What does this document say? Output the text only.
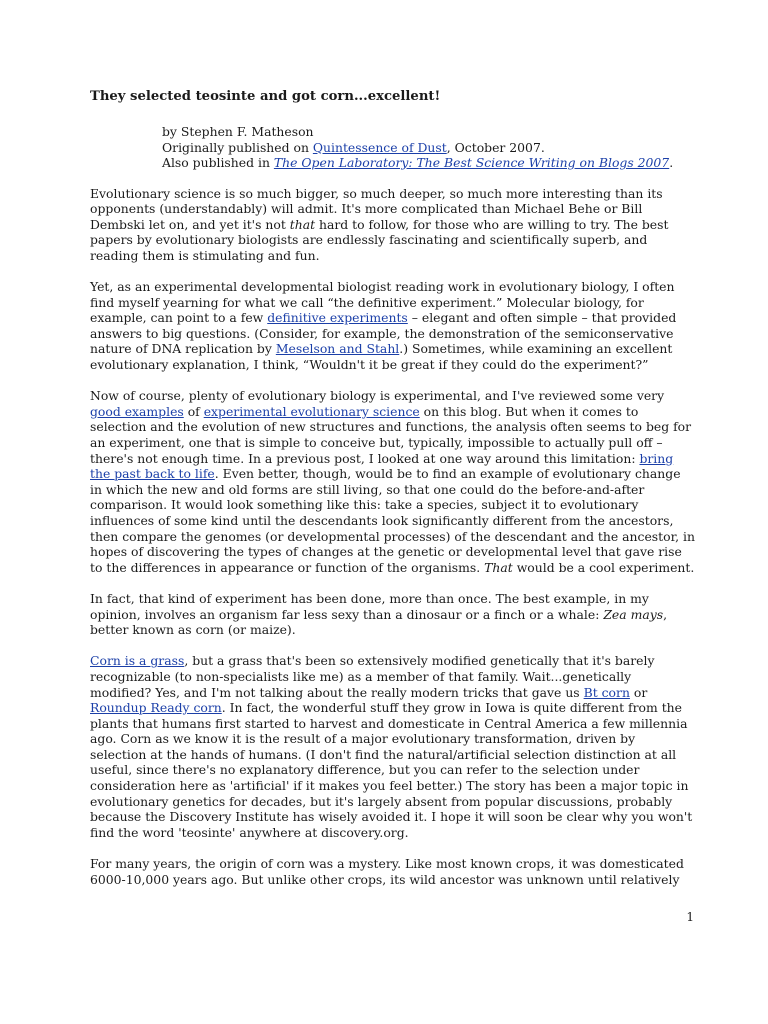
They selected teosinte and got corn...excellent!
by Stephen F. Matheson
Originally published on Quintessence of Dust, October 2007.
Also published in The Open Laboratory: The Best Science Writing on Blogs 2007.

Evolutionary science is so much bigger, so much deeper, so much more interesting than its opponents (understandably) will admit. It's more complicated than Michael Behe or Bill Dembski let on, and yet it's not that hard to follow, for those who are willing to try. The best papers by evolutionary biologists are endlessly fascinating and scientifically superb, and reading them is stimulating and fun.

Yet, as an experimental developmental biologist reading work in evolutionary biology, I often find myself yearning for what we call “the definitive experiment.” Molecular biology, for example, can point to a few definitive experiments – elegant and often simple – that provided answers to big questions. (Consider, for example, the demonstration of the semiconservative nature of DNA replication by Meselson and Stahl.) Sometimes, while examining an excellent evolutionary explanation, I think, “Wouldn't it be great if they could do the experiment?”

Now of course, plenty of evolutionary biology is experimental, and I've reviewed some very good examples of experimental evolutionary science on this blog. But when it comes to selection and the evolution of new structures and functions, the analysis often seems to beg for an experiment, one that is simple to conceive but, typically, impossible to actually pull off – there's not enough time. In a previous post, I looked at one way around this limitation: bring the past back to life. Even better, though, would be to find an example of evolutionary change in which the new and old forms are still living, so that one could do the before-and-after comparison. It would look something like this: take a species, subject it to evolutionary influences of some kind until the descendants look significantly different from the ancestors, then compare the genomes (or developmental processes) of the descendant and the ancestor, in hopes of discovering the types of changes at the genetic or developmental level that gave rise to the differences in appearance or function of the organisms. That would be a cool experiment.

In fact, that kind of experiment has been done, more than once. The best example, in my opinion, involves an organism far less sexy than a dinosaur or a finch or a whale: Zea mays, better known as corn (or maize).

Corn is a grass, but a grass that's been so extensively modified genetically that it's barely recognizable (to non-specialists like me) as a member of that family. Wait...genetically modified? Yes, and I'm not talking about the really modern tricks that gave us Bt corn or Roundup Ready corn. In fact, the wonderful stuff they grow in Iowa is quite different from the plants that humans first started to harvest and domesticate in Central America a few millennia ago. Corn as we know it is the result of a major evolutionary transformation, driven by selection at the hands of humans. (I don't find the natural/artificial selection distinction at all useful, since there's no explanatory difference, but you can refer to the selection under consideration here as 'artificial' if it makes you feel better.) The story has been a major topic in evolutionary genetics for decades, but it's largely absent from popular discussions, probably because the Discovery Institute has wisely avoided it. I hope it will soon be clear why you won't find the word 'teosinte' anywhere at discovery.org.

For many years, the origin of corn was a mystery. Like most known crops, it was domesticated 6000-10,000 years ago. But unlike other crops, its wild ancestor was unknown until relatively

1
